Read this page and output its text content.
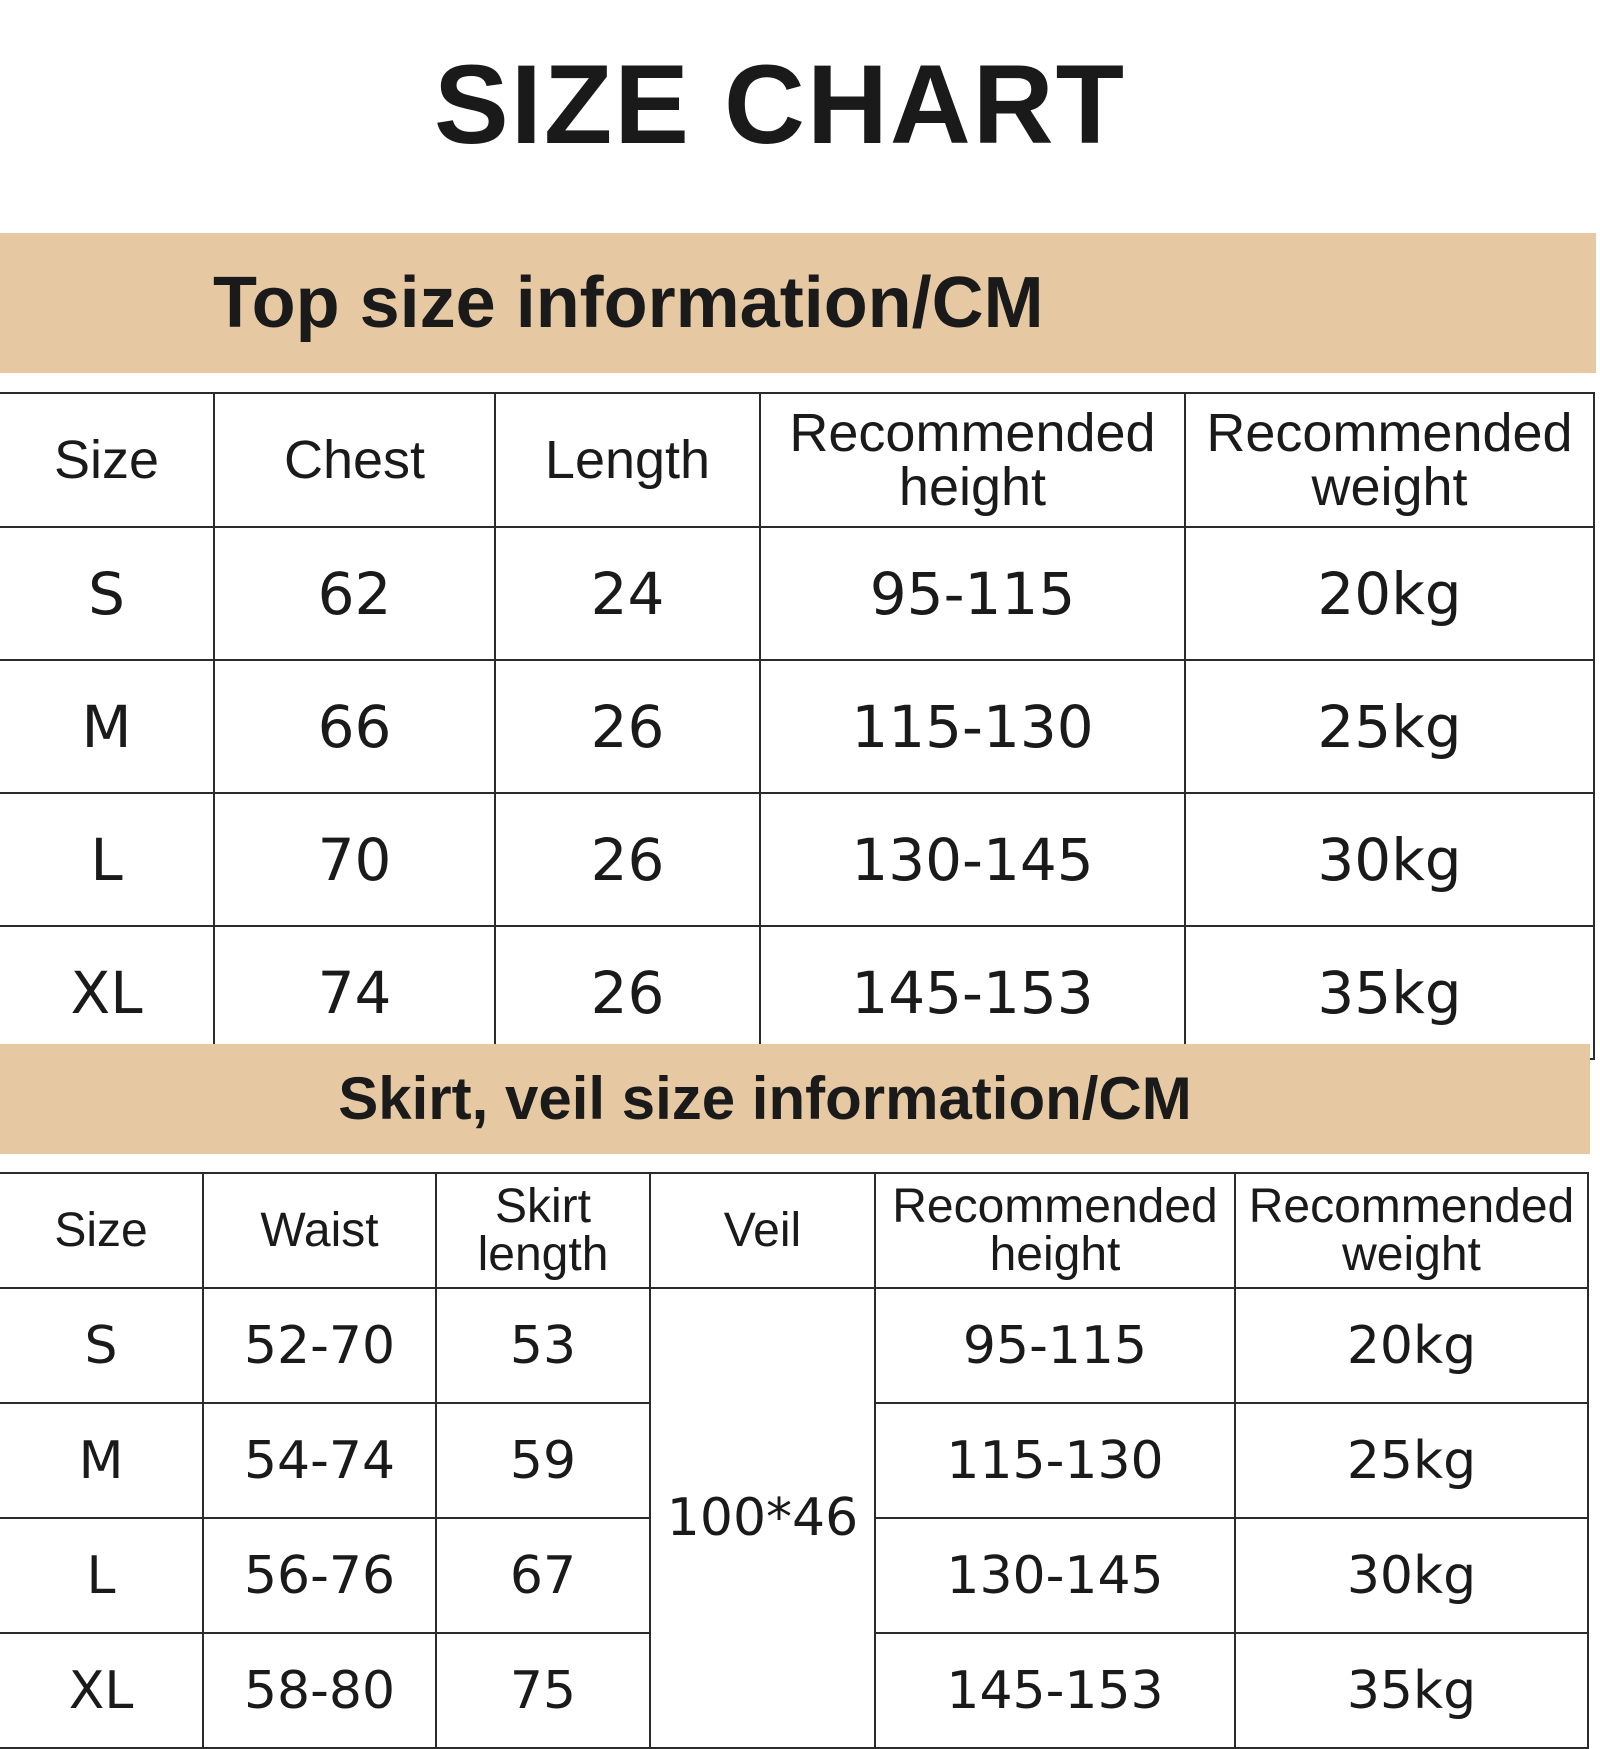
SIZE CHART
Top size information/CM
Size	Chest	Length	Recommended height	Recommended weight
S	62	24	95-115	20kg
M	66	26	115-130	25kg
L	70	26	130-145	30kg
XL	74	26	145-153	35kg
Skirt, veil size information/CM
Size	Waist	Skirt length	Veil	Recommended height	Recommended weight
S	52-70	53	100*46	95-115	20kg
M	54-74	59		115-130	25kg
L	56-76	67		130-145	30kg
XL	58-80	75		145-153	35kg
